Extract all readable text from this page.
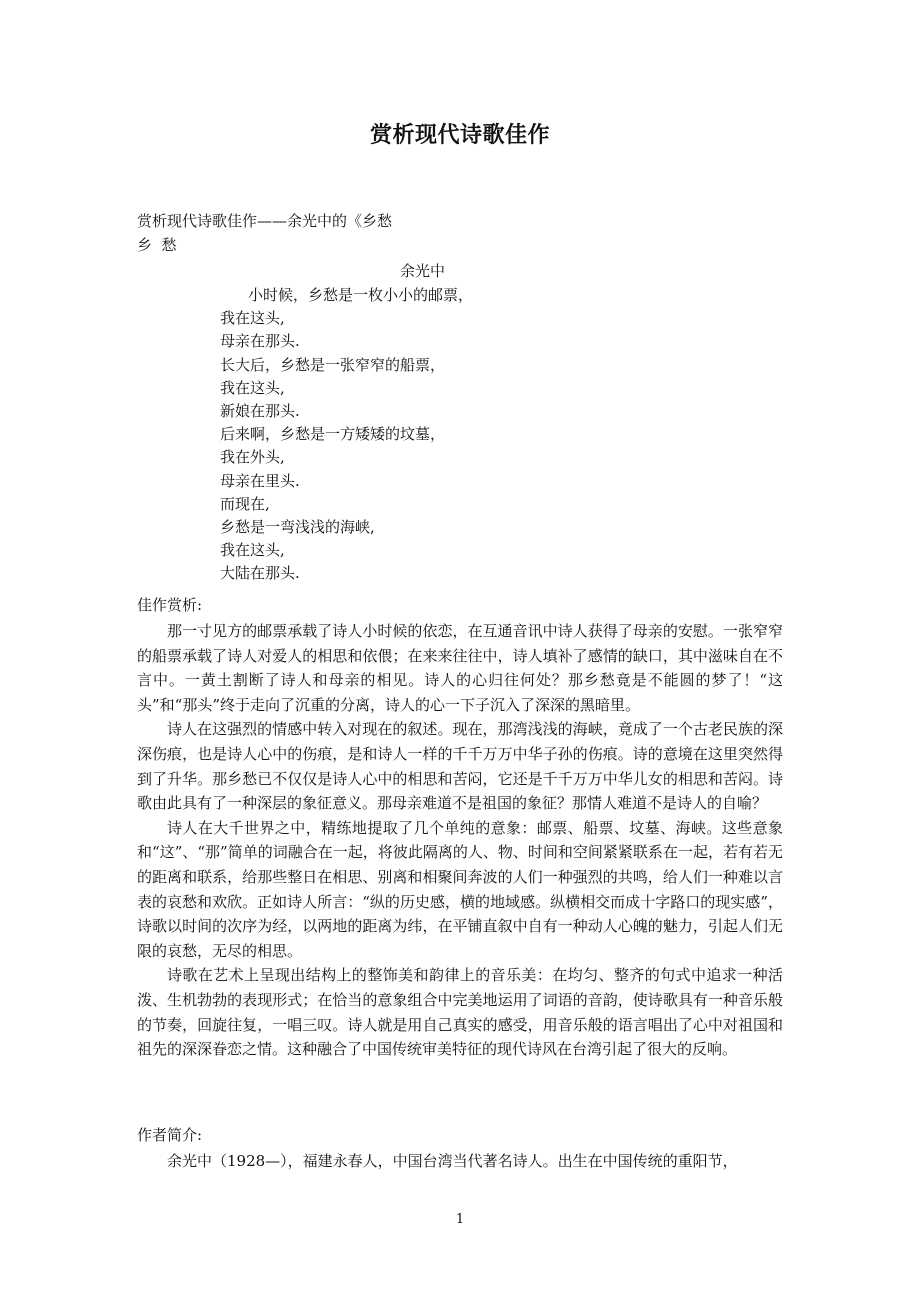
赏析现代诗歌佳作
赏析现代诗歌佳作——余光中的《乡愁
乡  愁
余光中
小时候，乡愁是一枚小小的邮票，
我在这头,
母亲在那头.
长大后，乡愁是一张窄窄的船票，
我在这头,
新娘在那头.
后来啊，乡愁是一方矮矮的坟墓，
我在外头,
母亲在里头.
而现在,
乡愁是一弯浅浅的海峡,
我在这头,
大陆在那头.
佳作赏析:

那一寸见方的邮票承载了诗人小时候的依恋，在互通音讯中诗人获得了母亲的安慰。一张窄窄的船票承载了诗人对爱人的相思和依偎；在来来往往中，诗人填补了感情的缺口，其中滋味自在不言中。一黄土割断了诗人和母亲的相见。诗人的心归往何处？那乡愁竟是不能圆的梦了！“这头”和“那头”终于走向了沉重的分离，诗人的心一下子沉入了深深的黑暗里。

诗人在这强烈的情感中转入对现在的叙述。现在，那湾浅浅的海峡，竟成了一个古老民族的深深伤痕，也是诗人心中的伤痕，是和诗人一样的千千万万中华子孙的伤痕。诗的意境在这里突然得到了升华。那乡愁已不仅仅是诗人心中的相思和苦闷，它还是千千万万中华儿女的相思和苦闷。诗歌由此具有了一种深层的象征意义。那母亲难道不是祖国的象征？那情人难道不是诗人的自喻？

诗人在大千世界之中，精练地提取了几个单纯的意象：邮票、船票、坟墓、海峡。这些意象和“这”、“那”简单的词融合在一起，将彼此隔离的人、物、时间和空间紧紧联系在一起，若有若无的距离和联系，给那些整日在相思、别离和相聚间奔波的人们一种强烈的共鸣，给人们一种难以言表的哀愁和欢欣。正如诗人所言：“纵的历史感，横的地域感。纵横相交而成十字路口的现实感”，诗歌以时间的次序为经，以两地的距离为纬，在平铺直叙中自有一种动人心魄的魅力，引起人们无限的哀愁，无尽的相思。

诗歌在艺术上呈现出结构上的整饰美和韵律上的音乐美：在均匀、整齐的句式中追求一种活泼、生机勃勃的表现形式；在恰当的意象组合中完美地运用了词语的音韵，使诗歌具有一种音乐般的节奏，回旋往复，一唱三叹。诗人就是用自己真实的感受，用音乐般的语言唱出了心中对祖国和祖先的深深眷恋之情。这种融合了中国传统审美特征的现代诗风在台湾引起了很大的反响。

作者简介:

余光中（1928—），福建永春人，中国台湾当代著名诗人。出生在中国传统的重阳节，

1
